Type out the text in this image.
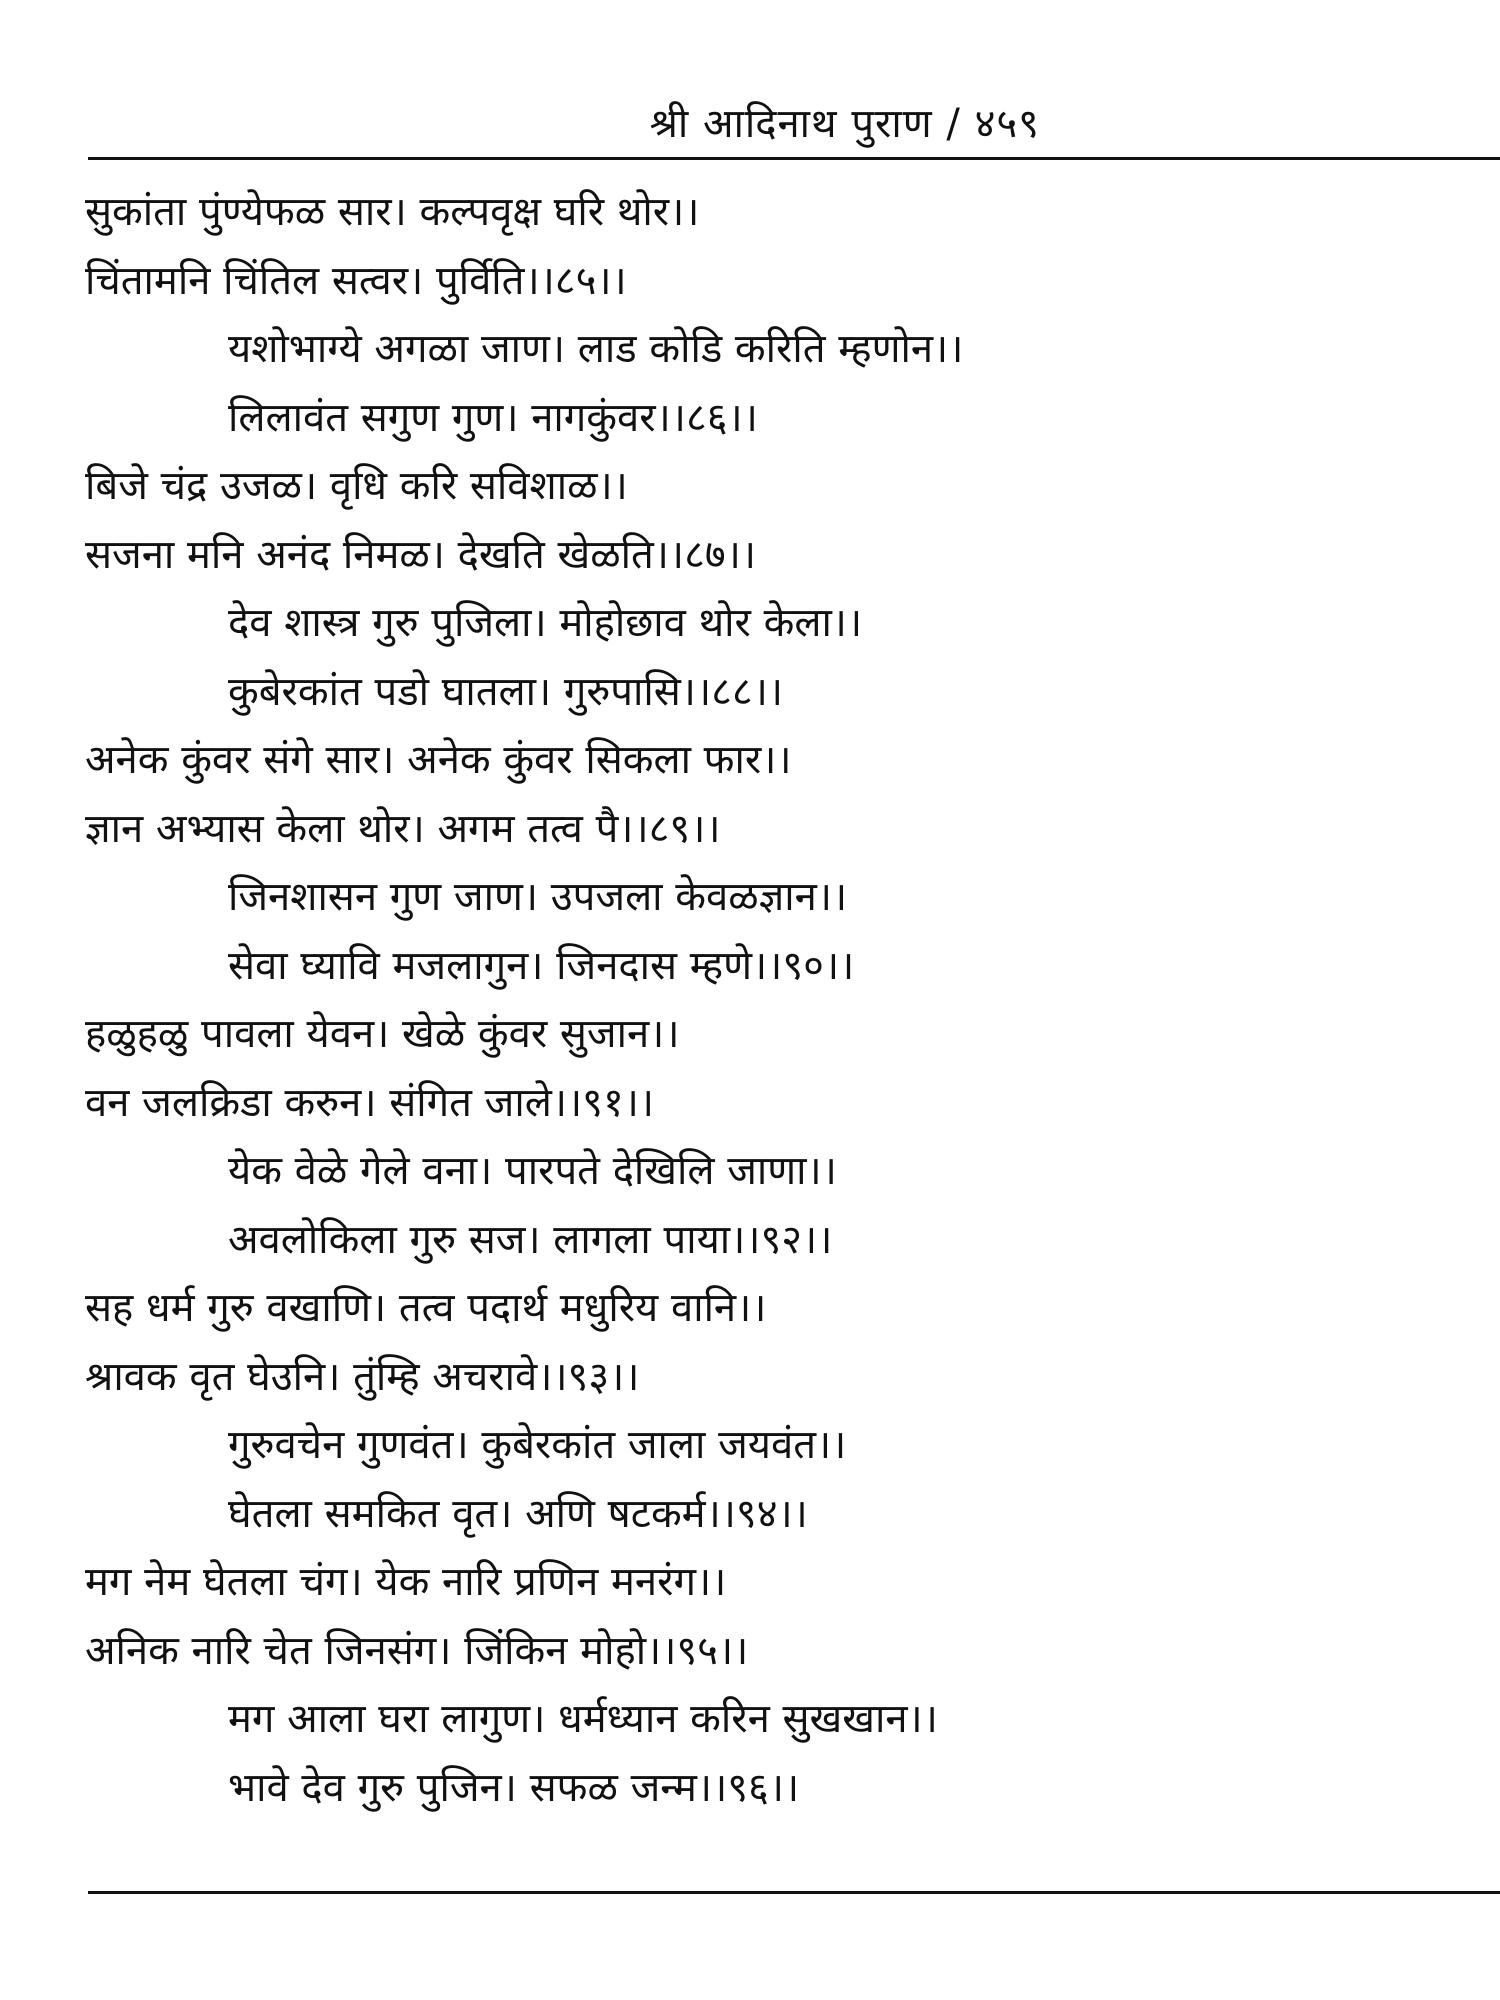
श्री आदिनाथ पुराण / ४५९
सुकांता पुंण्येफळ सार। कल्पवृक्ष घरि थोर।।
चिंतामनि चिंतिल सत्वर। पुर्विति।।८५।।
यशोभाग्ये अगळा जाण। लाड कोडि करिति म्हणोन।।
लिलावंत सगुण गुण। नागकुंवर।।८६।।
बिजे चंद्र उजळ। वृधि करि सविशाळ।।
सजना मनि अनंद निमळ। देखति खेळति।।८७।।
देव शास्त्र गुरु पुजिला। मोहोछाव थोर केला।।
कुबेरकांत पडो घातला। गुरुपासि।।८८।।
अनेक कुंवर संगे सार। अनेक कुंवर सिकला फार।।
ज्ञान अभ्यास केला थोर। अगम तत्व पै।।८९।।
जिनशासन गुण जाण। उपजला केवळज्ञान।।
सेवा घ्यावि मजलागुन। जिनदास म्हणे।।९०।।
हळुहळु पावला येवन। खेळे कुंवर सुजान।।
वन जलक्रिडा करुन। संगित जाले।।९१।।
येक वेळे गेले वना। पारपते देखिलि जाणा।।
अवलोकिला गुरु सज। लागला पाया।।९२।।
सह धर्म गुरु वखाणि। तत्व पदार्थ मधुरिय वानि।।
श्रावक वृत घेउनि। तुंम्हि अचरावे।।९३।।
गुरुवचेन गुणवंत। कुबेरकांत जाला जयवंत।।
घेतला समकित वृत। अणि षटकर्म।।९४।।
मग नेम घेतला चंग। येक नारि प्रणिन मनरंग।।
अनिक नारि चेत जिनसंग। जिंकिन मोहो।।९५।।
मग आला घरा लागुण। धर्मध्यान करिन सुखखान।।
भावे देव गुरु पुजिन। सफळ जन्म।।९६।।
